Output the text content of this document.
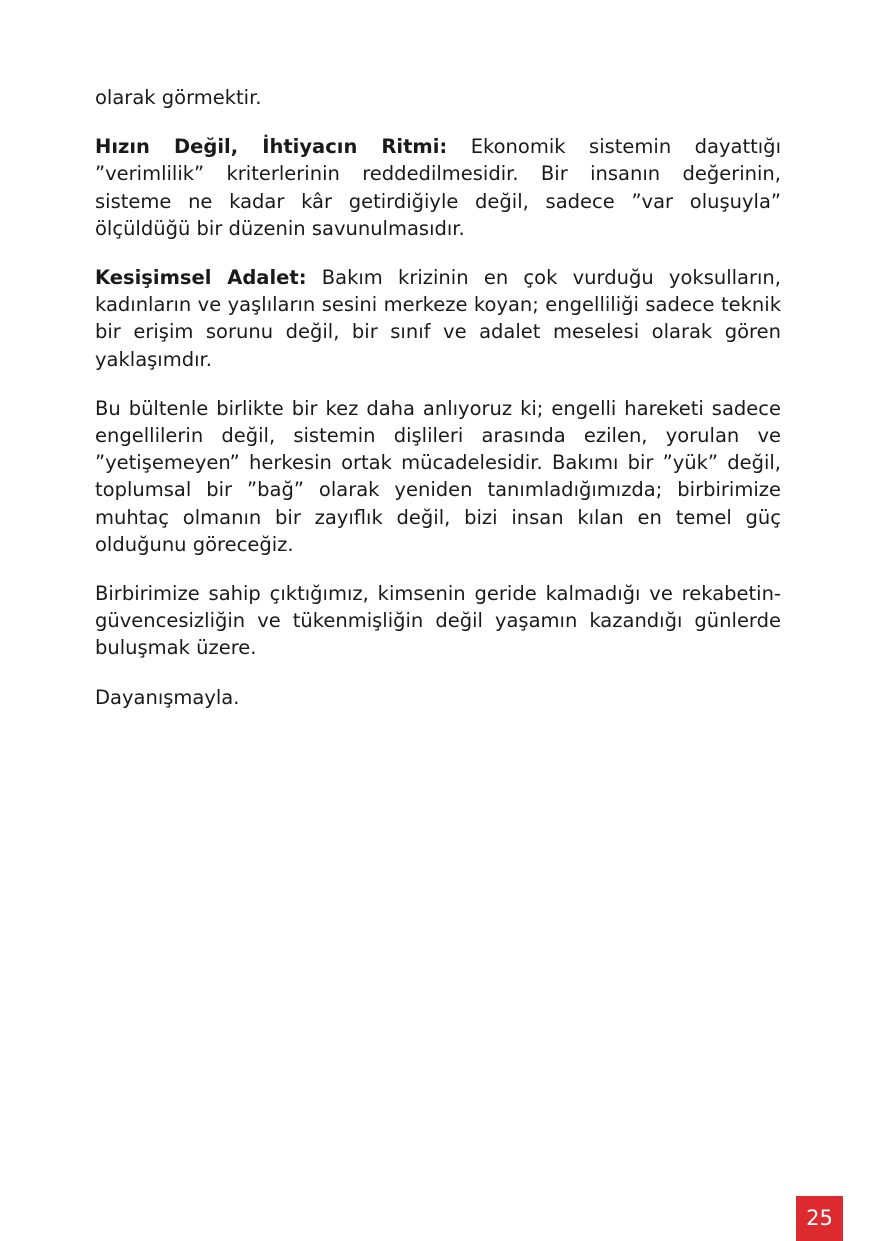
olarak görmektir.

Hızın Değil, İhtiyacın Ritmi: Ekonomik sistemin dayattığı ”verimlilik” kriterlerinin reddedilmesidir. Bir insanın değerinin, sisteme ne kadar kâr getirdiğiyle değil, sadece ”var oluşuyla” ölçüldüğü bir düzenin savunulmasıdır.

Kesişimsel Adalet: Bakım krizinin en çok vurduğu yoksulların, kadınların ve yaşlıların sesini merkeze koyan; engelliliği sadece teknik bir erişim sorunu değil, bir sınıf ve adalet meselesi olarak gören yaklaşımdır.

Bu bültenle birlikte bir kez daha anlıyoruz ki; engelli hareketi sadece engellilerin değil, sistemin dişlileri arasında ezilen, yorulan ve ”yetişemeyen” herkesin ortak mücadelesidir. Bakımı bir ”yük” değil, toplumsal bir ”bağ” olarak yeniden tanımladığımızda; birbirimize muhtaç olmanın bir zayıflık değil, bizi insan kılan en temel güç olduğunu göreceğiz.

Birbirimize sahip çıktığımız, kimsenin geride kalmadığı ve rekabetin-güvencesizliğin ve tükenmişliğin değil yaşamın kazandığı günlerde buluşmak üzere.

Dayanışmayla.

25
